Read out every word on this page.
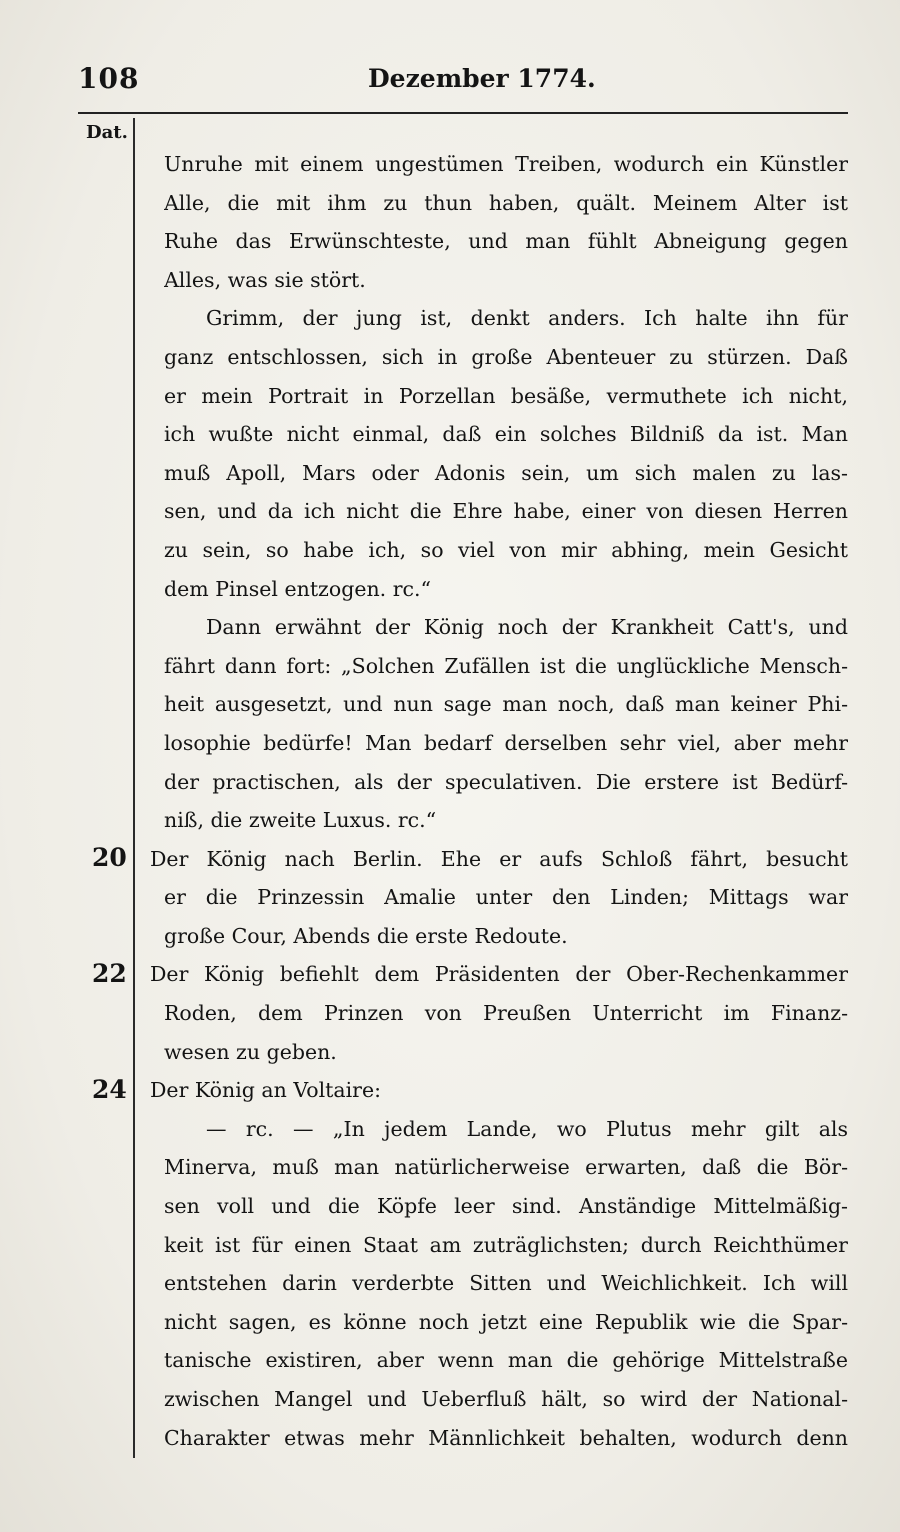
108	Dezember 1774.
Dat.
20
22
24
Unruhe mit einem ungestümen Treiben, wodurch ein Künstler
Alle, die mit ihm zu thun haben, quält. Meinem Alter ist
Ruhe das Erwünschteste, und man fühlt Abneigung gegen
Alles, was sie stört.
Grimm, der jung ist, denkt anders. Ich halte ihn für
ganz entschlossen, sich in große Abenteuer zu stürzen. Daß
er mein Portrait in Porzellan besäße, vermuthete ich nicht,
ich wußte nicht einmal, daß ein solches Bildniß da ist. Man
muß Apoll, Mars oder Adonis sein, um sich malen zu las-
sen, und da ich nicht die Ehre habe, einer von diesen Herren
zu sein, so habe ich, so viel von mir abhing, mein Gesicht
dem Pinsel entzogen. rc.“
Dann erwähnt der König noch der Krankheit Catt's, und
fährt dann fort: „Solchen Zufällen ist die unglückliche Mensch-
heit ausgesetzt, und nun sage man noch, daß man keiner Phi-
losophie bedürfe! Man bedarf derselben sehr viel, aber mehr
der practischen, als der speculativen. Die erstere ist Bedürf-
niß, die zweite Luxus. rc.“
Der König nach Berlin. Ehe er aufs Schloß fährt, besucht
er die Prinzessin Amalie unter den Linden; Mittags war
große Cour, Abends die erste Redoute.
Der König befiehlt dem Präsidenten der Ober-Rechenkammer
Roden, dem Prinzen von Preußen Unterricht im Finanz-
wesen zu geben.
Der König an Voltaire:
— rc. — „In jedem Lande, wo Plutus mehr gilt als
Minerva, muß man natürlicherweise erwarten, daß die Bör-
sen voll und die Köpfe leer sind. Anständige Mittelmäßig-
keit ist für einen Staat am zuträglichsten; durch Reichthümer
entstehen darin verderbte Sitten und Weichlichkeit. Ich will
nicht sagen, es könne noch jetzt eine Republik wie die Spar-
tanische existiren, aber wenn man die gehörige Mittelstraße
zwischen Mangel und Ueberfluß hält, so wird der National-
Charakter etwas mehr Männlichkeit behalten, wodurch denn
